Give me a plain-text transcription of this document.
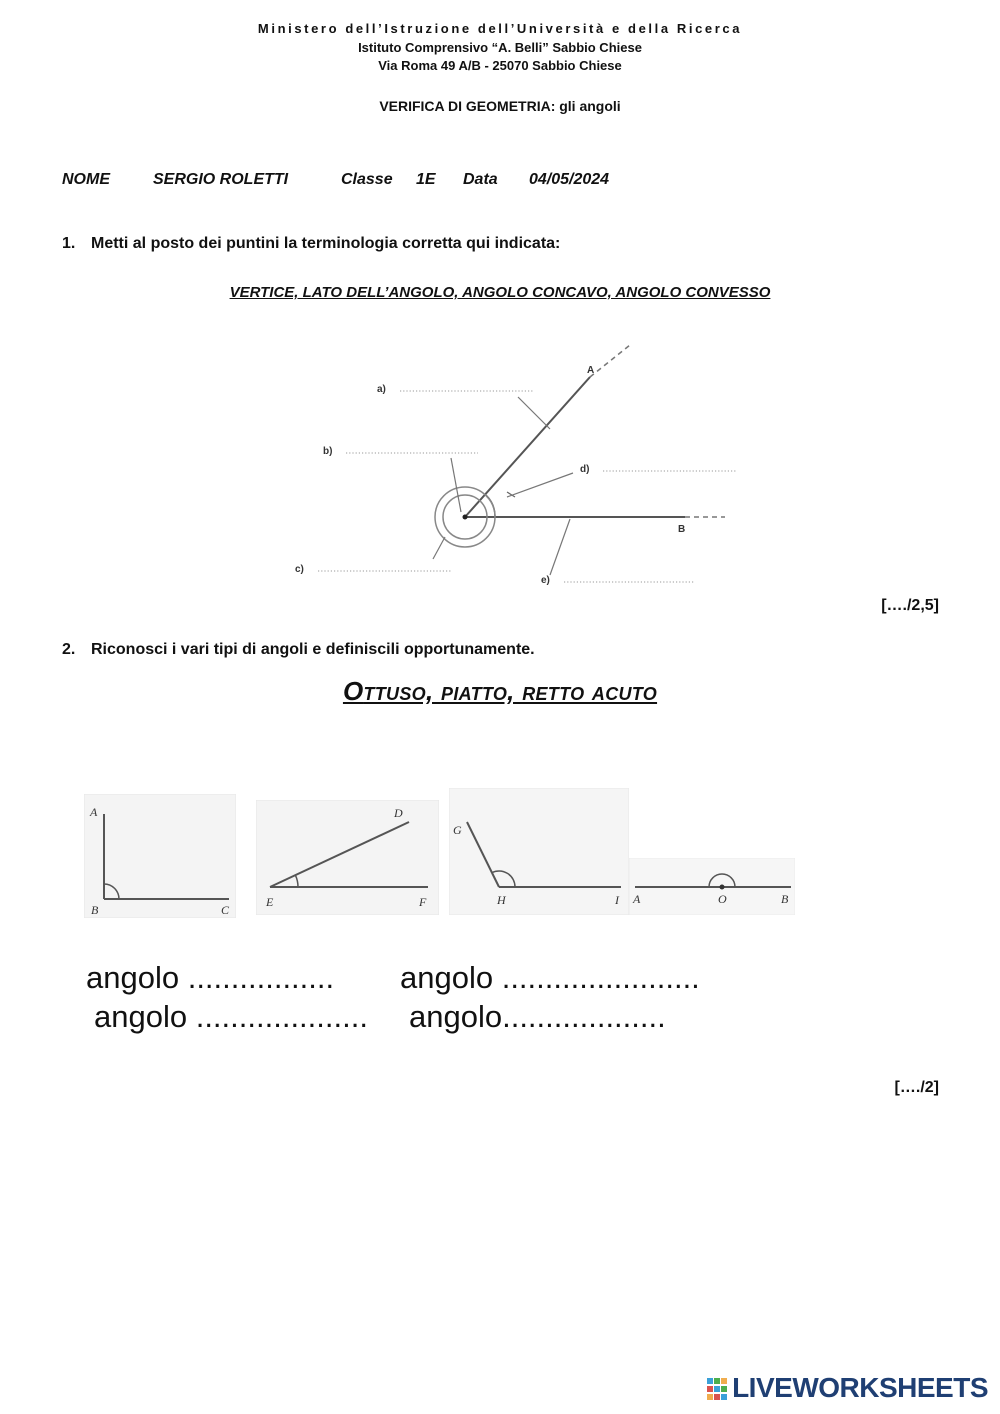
Ministero dell’Istruzione dell’Università e della Ricerca
Istituto Comprensivo “A. Belli” Sabbio Chiese
Via Roma 49 A/B - 25070 Sabbio Chiese
VERIFICA DI GEOMETRIA: gli angoli
NOME	SERGIO ROLETTI	Classe 1E Data 04/05/2024
1. Metti al posto dei puntini la terminologia corretta qui indicata:
VERTICE, LATO DELL’ANGOLO, ANGOLO CONCAVO, ANGOLO CONVESSO
a)
b)
c)
d)
e)
A
B
[…./2,5]
2. Riconosci i vari tipi di angoli e definiscili opportunamente.
Ottuso, piatto, retto acuto
A
B	C
D
E	F
G
H	I A	O	B
angolo ................. angolo .......................
angolo .................... angolo...................
[…./2]
LIVEWORKSHEETS
